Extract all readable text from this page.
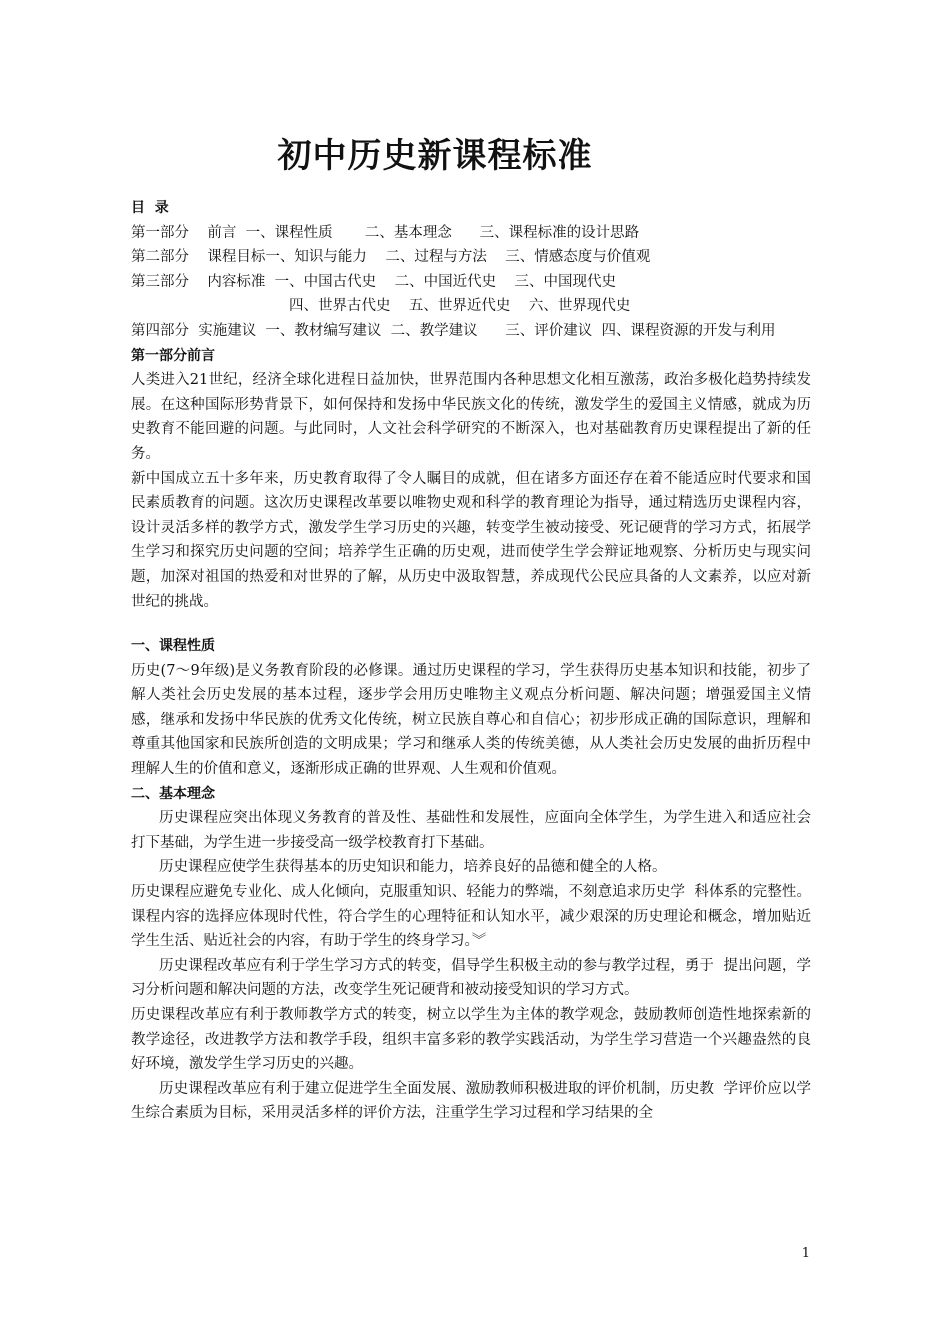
初中历史新课程标准

目  录

第一部分    前言  一、课程性质       二、基本理念      三、课程标准的设计思路

第二部分    课程目标一、知识与能力    二、过程与方法    三、情感态度与价值观

第三部分    内容标准  一、中国古代史    二、中国近代史    三、中国现代史

四、世界古代史    五、世界近代史    六、世界现代史

第四部分  实施建议  一、教材编写建议  二、教学建议      三、评价建议  四、课程资源的开发与利用

第一部分前言

人类进入21世纪，经济全球化进程日益加快，世界范围内各种思想文化相互激荡，政治多极化趋势持续发展。在这种国际形势背景下，如何保持和发扬中华民族文化的传统，激发学生的爱国主义情感，就成为历史教育不能回避的问题。与此同时，人文社会科学研究的不断深入，也对基础教育历史课程提出了新的任务。

新中国成立五十多年来，历史教育取得了令人瞩目的成就，但在诸多方面还存在着不能适应时代要求和国民素质教育的问题。这次历史课程改革要以唯物史观和科学的教育理论为指导，通过精选历史课程内容，设计灵活多样的教学方式，激发学生学习历史的兴趣，转变学生被动接受、死记硬背的学习方式，拓展学生学习和探究历史问题的空间；培养学生正确的历史观，进而使学生学会辩证地观察、分析历史与现实问题，加深对祖国的热爱和对世界的了解，从历史中汲取智慧，养成现代公民应具备的人文素养，以应对新世纪的挑战。

一、课程性质

历史(7～9年级)是义务教育阶段的必修课。通过历史课程的学习，学生获得历史基本知识和技能，初步了解人类社会历史发展的基本过程，逐步学会用历史唯物主义观点分析问题、解决问题；增强爱国主义情感，继承和发扬中华民族的优秀文化传统，树立民族自尊心和自信心；初步形成正确的国际意识，理解和尊重其他国家和民族所创造的文明成果；学习和继承人类的传统美德，从人类社会历史发展的曲折历程中理解人生的价值和意义，逐渐形成正确的世界观、人生观和价值观。

二、基本理念

历史课程应突出体现义务教育的普及性、基础性和发展性，应面向全体学生，为学生进入和适应社会打下基础，为学生进一步接受高一级学校教育打下基础。

历史课程应使学生获得基本的历史知识和能力，培养良好的品德和健全的人格。

历史课程应避免专业化、成人化倾向，克服重知识、轻能力的弊端，不刻意追求历史学  科体系的完整性。课程内容的选择应体现时代性，符合学生的心理特征和认知水平，减少艰深的历史理论和概念，增加贴近学生生活、贴近社会的内容，有助于学生的终身学习。︾

历史课程改革应有利于学生学习方式的转变，倡导学生积极主动的参与教学过程，勇于  提出问题，学习分析问题和解决问题的方法，改变学生死记硬背和被动接受知识的学习方式。

历史课程改革应有利于教师教学方式的转变，树立以学生为主体的教学观念，鼓励教师创造性地探索新的教学途径，改进教学方法和教学手段，组织丰富多彩的教学实践活动，为学生学习营造一个兴趣盎然的良好环境，激发学生学习历史的兴趣。

历史课程改革应有利于建立促进学生全面发展、激励教师积极进取的评价机制，历史教  学评价应以学生综合素质为目标，采用灵活多样的评价方法，注重学生学习过程和学习结果的全

1
